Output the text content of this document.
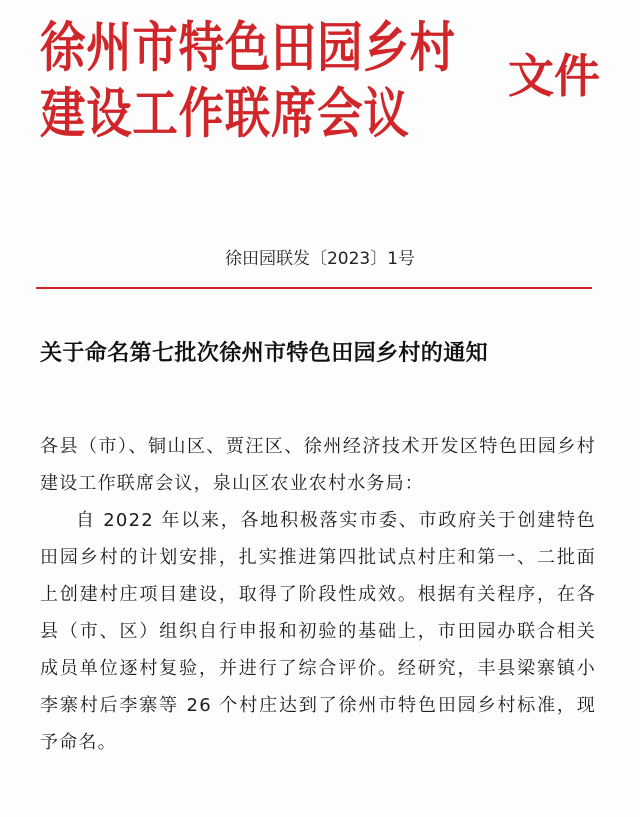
徐州市特色田园乡村
建设工作联席会议
文件
徐田园联发〔2023〕1号
关于命名第七批次徐州市特色田园乡村的通知

各县（市）、铜山区、贾汪区、徐州经济技术开发区特色田园乡村建设工作联席会议，泉山区农业农村水务局：

自 2022 年以来，各地积极落实市委、市政府关于创建特色田园乡村的计划安排，扎实推进第四批试点村庄和第一、二批面上创建村庄项目建设，取得了阶段性成效。根据有关程序，在各县（市、区）组织自行申报和初验的基础上，市田园办联合相关成员单位逐村复验，并进行了综合评价。经研究，丰县梁寨镇小李寨村后李寨等 26 个村庄达到了徐州市特色田园乡村标准，现予命名。
